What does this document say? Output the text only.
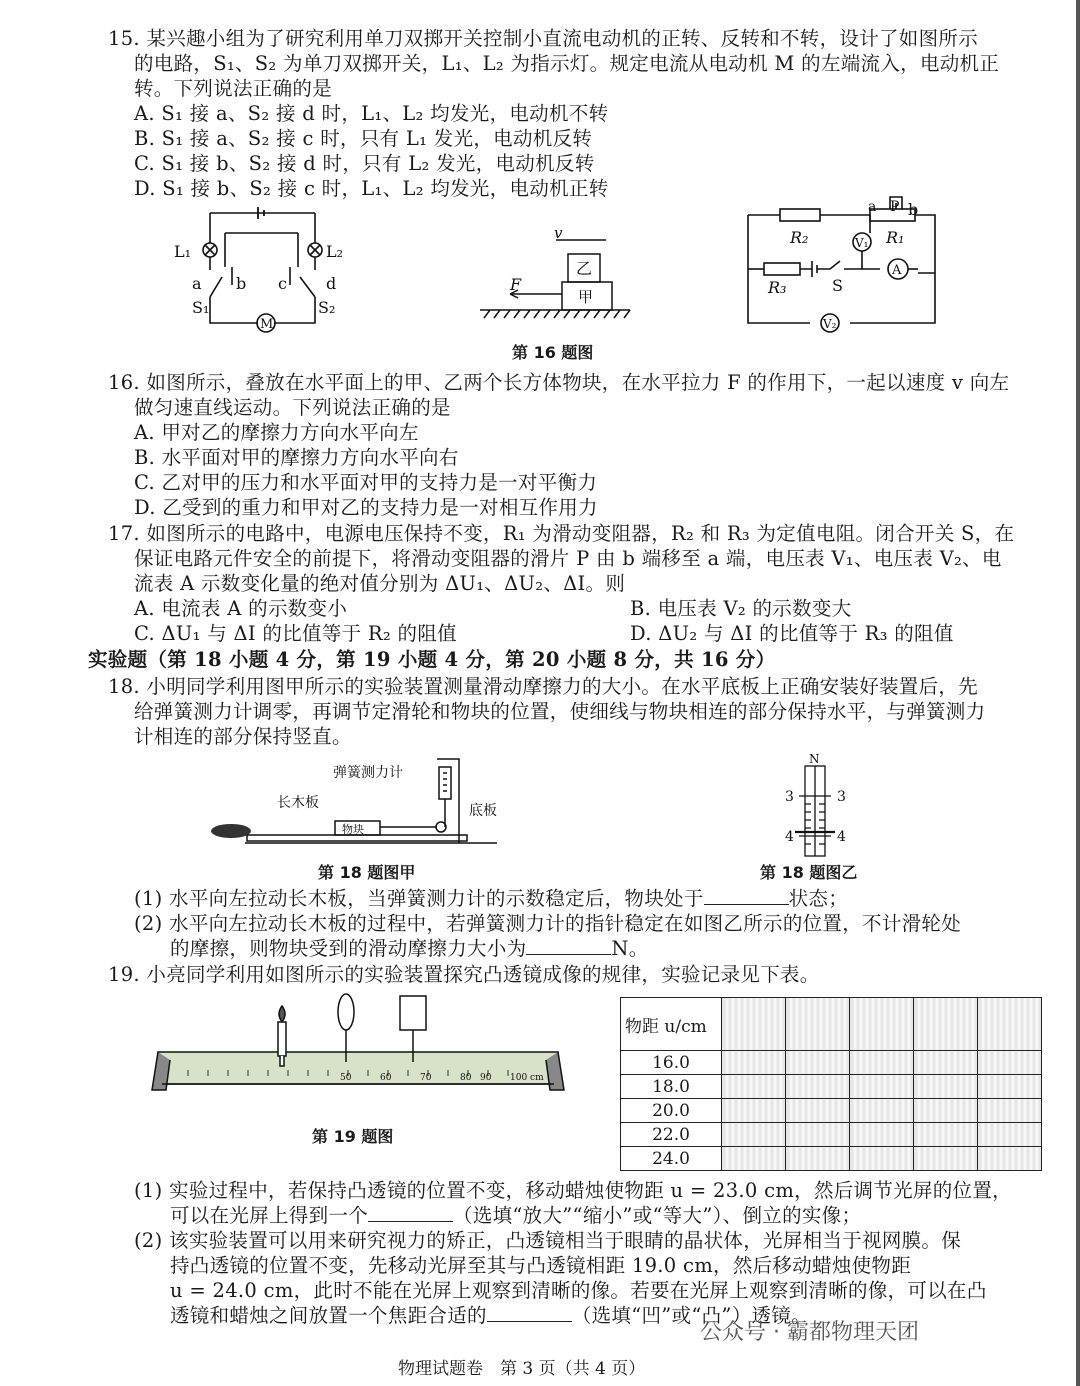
15. 某兴趣小组为了研究利用单刀双掷开关控制小直流电动机的正转、反转和不转，设计了如图所示
的电路，S₁、S₂ 为单刀双掷开关，L₁、L₂ 为指示灯。规定电流从电动机 M 的左端流入，电动机正
转。下列说法正确的是
A. S₁ 接 a、S₂ 接 d 时，L₁、L₂ 均发光，电动机不转
B. S₁ 接 a、S₂ 接 c 时，只有 L₁ 发光，电动机反转
C. S₁ 接 b、S₂ 接 d 时，只有 L₂ 发光，电动机反转
D. S₁ 接 b、S₂ 接 c 时，L₁、L₂ 均发光，电动机正转
L₁	L₂
a b c d
S₁	S₂
M
v
F
乙
甲
第 16 题图
a P b
R₂	R₁
V₁
A
R₃	S
V₂
16. 如图所示，叠放在水平面上的甲、乙两个长方体物块，在水平拉力 F 的作用下，一起以速度 v 向左
做匀速直线运动。下列说法正确的是
A. 甲对乙的摩擦力方向水平向左
B. 水平面对甲的摩擦力方向水平向右
C. 乙对甲的压力和水平面对甲的支持力是一对平衡力
D. 乙受到的重力和甲对乙的支持力是一对相互作用力
17. 如图所示的电路中，电源电压保持不变，R₁ 为滑动变阻器，R₂ 和 R₃ 为定值电阻。闭合开关 S，在
保证电路元件安全的前提下，将滑动变阻器的滑片 P 由 b 端移至 a 端，电压表 V₁、电压表 V₂、电
流表 A 示数变化量的绝对值分别为 ΔU₁、ΔU₂、ΔI。则
A. 电流表 A 的示数变小	B. 电压表 V₂ 的示数变大
C. ΔU₁ 与 ΔI 的比值等于 R₂ 的阻值	D. ΔU₂ 与 ΔI 的比值等于 R₃ 的阻值
实验题（第 18 小题 4 分，第 19 小题 4 分，第 20 小题 8 分，共 16 分）
18. 小明同学利用图甲所示的实验装置测量滑动摩擦力的大小。在水平底板上正确安装好装置后，先
给弹簧测力计调零，再调节定滑轮和物块的位置，使细线与物块相连的部分保持水平，与弹簧测力
计相连的部分保持竖直。
弹簧测力计
长木板
物块
底板
第 18 题图甲
N
3	3
4	4
第 18 题图乙
(1) 水平向左拉动长木板，当弹簧测力计的示数稳定后，物块处于	状态；
(2) 水平向左拉动长木板的过程中，若弹簧测力计的指针稳定在如图乙所示的位置，不计滑轮处
的摩擦，则物块受到的滑动摩擦力大小为	N。
19. 小亮同学利用如图所示的实验装置探究凸透镜成像的规律，实验记录见下表。
50	60	70	80 90 100 cm
第 19 题图
物距 u/cm					
16.0					
18.0					
20.0					
22.0					
24.0					
(1) 实验过程中，若保持凸透镜的位置不变，移动蜡烛使物距 u = 23.0 cm，然后调节光屏的位置，
可以在光屏上得到一个	（选填“放大”“缩小”或“等大”）、倒立的实像；
(2) 该实验装置可以用来研究视力的矫正，凸透镜相当于眼睛的晶状体，光屏相当于视网膜。保
持凸透镜的位置不变，先移动光屏至其与凸透镜相距 19.0 cm，然后移动蜡烛使物距
u = 24.0 cm，此时不能在光屏上观察到清晰的像。若要在光屏上观察到清晰的像，可以在凸
透镜和蜡烛之间放置一个焦距合适的	（选填“凹”或“凸”）透镜。
公众号 · 霸都物理天团
物理试题卷　第 3 页（共 4 页）
